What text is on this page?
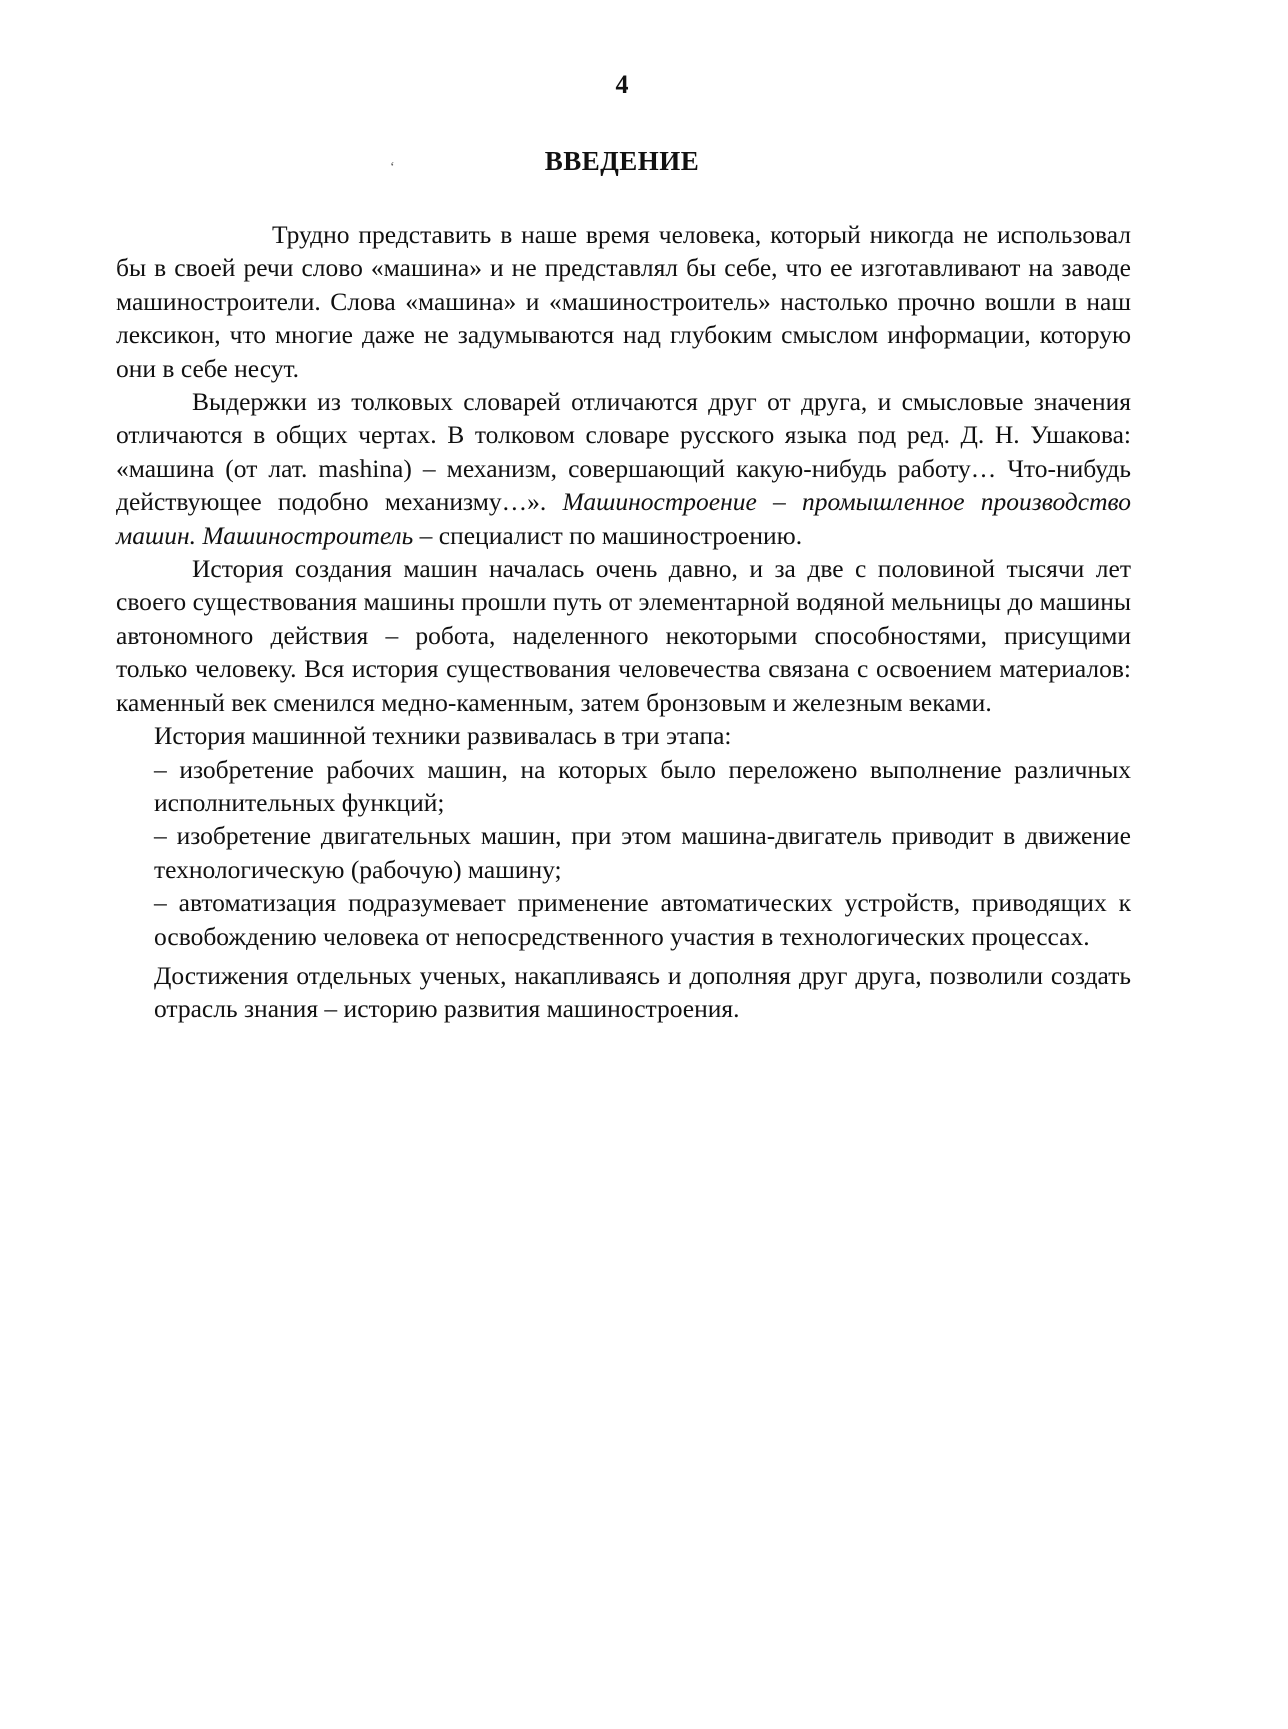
4
‘	ВВЕДЕНИЕ

Трудно представить в наше время человека, который никогда не использовал бы в своей речи слово «машина» и не представлял бы себе, что ее изготавливают на заводе машиностроители. Слова «машина» и «машиностроитель» настолько прочно вошли в наш лексикон, что многие даже не задумываются над глубоким смыслом информации, которую они в себе несут.

Выдержки из толковых словарей отличаются друг от друга, и смысловые значения отличаются в общих чертах. В толковом словаре русского языка под ред. Д. Н. Ушакова: «машина (от лат. mashina) – механизм, совершающий какую-нибудь работу… Что-нибудь действующее подобно механизму…». Машиностроение – промышленное производство машин. Машиностроитель – специалист по машиностроению.

История создания машин началась очень давно, и за две с половиной тысячи лет своего существования машины прошли путь от элементарной водяной мельницы до машины автономного действия – робота, наделенного некоторыми способностями, присущими только человеку. Вся история существования человечества связана с освоением материалов: каменный век сменился медно-каменным, затем бронзовым и железным веками.

История машинной техники развивалась в три этапа:

– изобретение рабочих машин, на которых было переложено выполнение различных исполнительных функций;

– изобретение двигательных машин, при этом машина-двигатель приводит в движение технологическую (рабочую) машину;

– автоматизация подразумевает применение автоматических устройств, приводящих к освобождению человека от непосредственного участия в технологических процессах.

Достижения отдельных ученых, накапливаясь и дополняя друг друга, позволили создать отрасль знания – историю развития машиностроения.
